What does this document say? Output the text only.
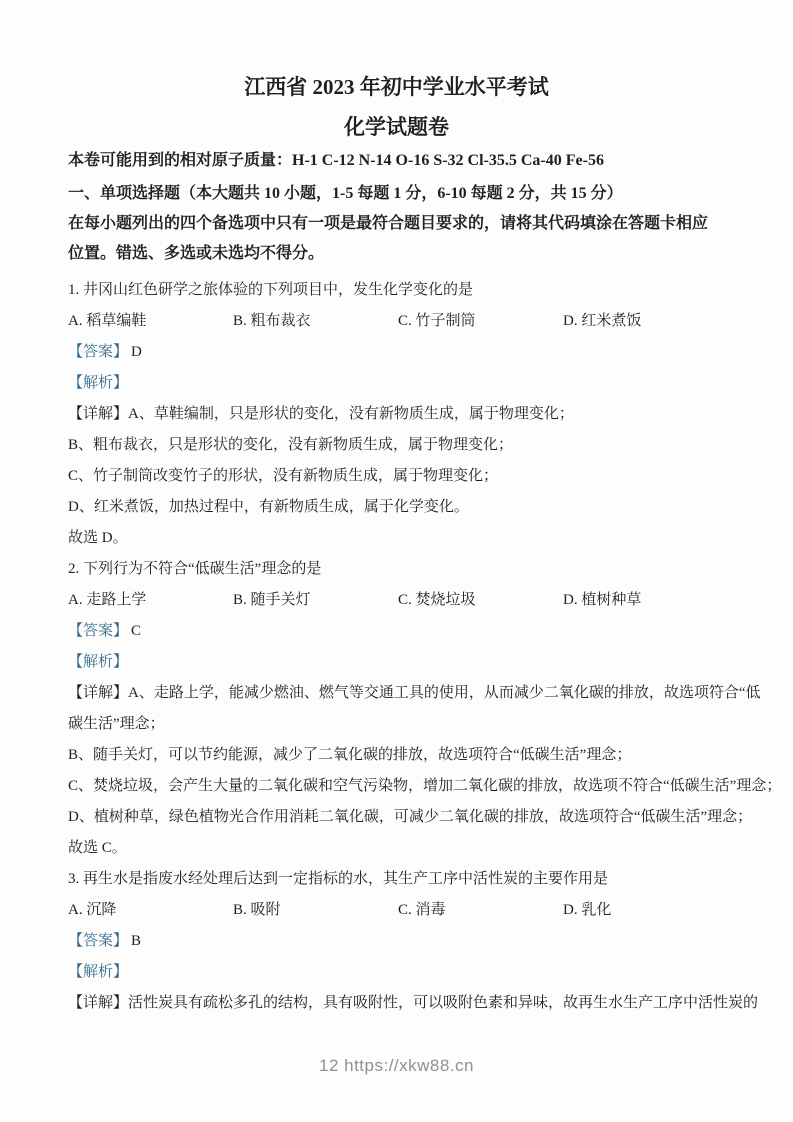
江西省 2023 年初中学业水平考试
化学试题卷
本卷可能用到的相对原子质量：H-1 C-12 N-14 O-16 S-32 Cl-35.5 Ca-40 Fe-56
一、单项选择题（本大题共 10 小题，1-5 每题 1 分，6-10 每题 2 分，共 15 分）
在每小题列出的四个备选项中只有一项是最符合题目要求的，请将其代码填涂在答题卡相应
位置。错选、多选或未选均不得分。
1. 井冈山红色研学之旅体验的下列项目中，发生化学变化的是
A. 稻草编鞋	B. 粗布裁衣	C. 竹子制筒	D. 红米煮饭
【答案】 D
【解析】
【详解】A、草鞋编制，只是形状的变化，没有新物质生成，属于物理变化；
B、粗布裁衣，只是形状的变化，没有新物质生成，属于物理变化；
C、竹子制筒改变竹子的形状，没有新物质生成，属于物理变化；
D、红米煮饭，加热过程中，有新物质生成，属于化学变化。
故选 D。
2. 下列行为不符合“低碳生活”理念的是
A. 走路上学	B. 随手关灯	C. 焚烧垃圾	D. 植树种草
【答案】 C
【解析】
【详解】A、走路上学，能减少燃油、燃气等交通工具的使用，从而减少二氧化碳的排放，故选项符合“低
碳生活”理念；
B、随手关灯，可以节约能源，减少了二氧化碳的排放，故选项符合“低碳生活”理念；
C、焚烧垃圾，会产生大量的二氧化碳和空气污染物，增加二氧化碳的排放，故选项不符合“低碳生活”理念；
D、植树种草，绿色植物光合作用消耗二氧化碳，可减少二氧化碳的排放，故选项符合“低碳生活”理念；
故选 C。
3. 再生水是指废水经处理后达到一定指标的水，其生产工序中活性炭的主要作用是
A. 沉降	B. 吸附	C. 消毒	D. 乳化
【答案】 B
【解析】
【详解】活性炭具有疏松多孔的结构，具有吸附性，可以吸附色素和异味，故再生水生产工序中活性炭的
12 https://xkw88.cn
